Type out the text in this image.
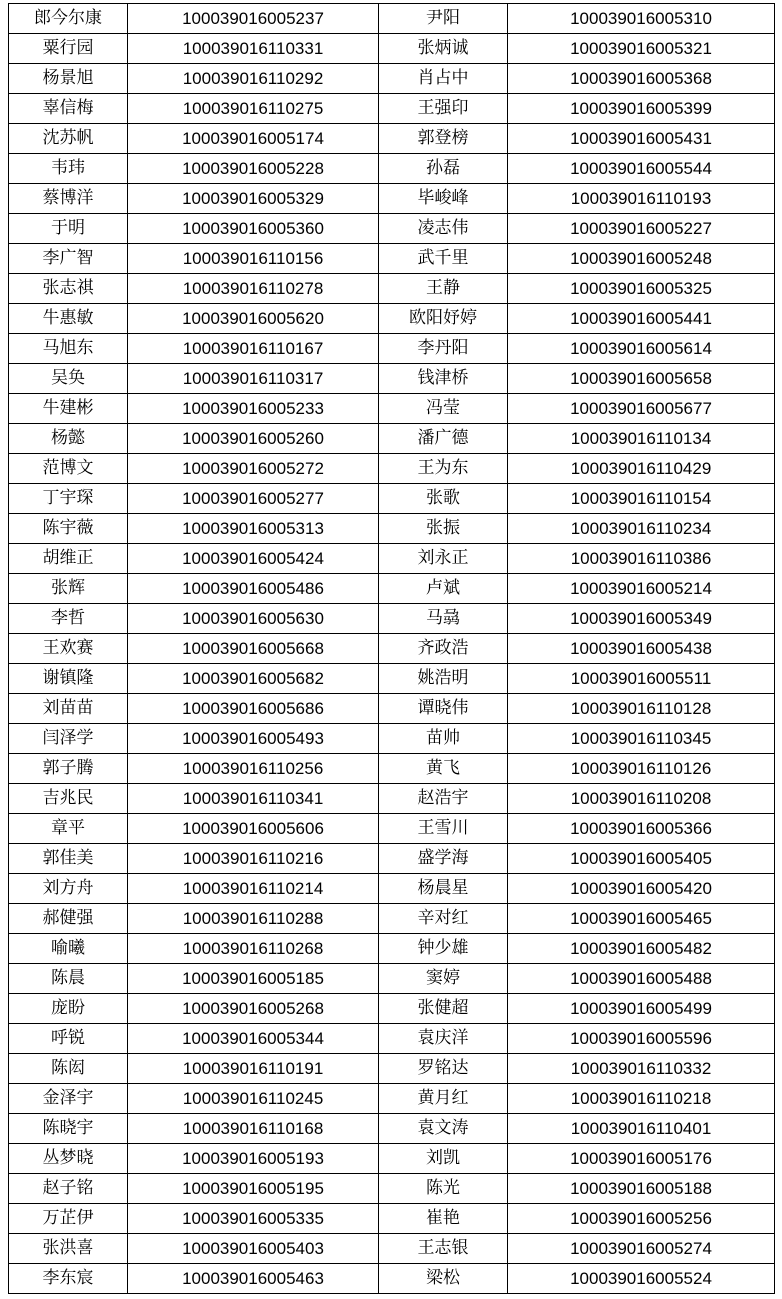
郎今尔康	100039016005237	尹阳	100039016005310
粟行园	100039016110331	张炳诚	100039016005321
杨景旭	100039016110292	肖占中	100039016005368
辜信梅	100039016110275	王强印	100039016005399
沈苏帆	100039016005174	郭登榜	100039016005431
韦玮	100039016005228	孙磊	100039016005544
蔡博洋	100039016005329	毕峻峰	100039016110193
于明	100039016005360	凌志伟	100039016005227
李广智	100039016110156	武千里	100039016005248
张志祺	100039016110278	王静	100039016005325
牛惠敏	100039016005620	欧阳妤婷	100039016005441
马旭东	100039016110167	李丹阳	100039016005614
吴奂	100039016110317	钱津桥	100039016005658
牛建彬	100039016005233	冯莹	100039016005677
杨懿	100039016005260	潘广德	100039016110134
范博文	100039016005272	王为东	100039016110429
丁宇琛	100039016005277	张歌	100039016110154
陈宇薇	100039016005313	张振	100039016110234
胡维正	100039016005424	刘永正	100039016110386
张辉	100039016005486	卢斌	100039016005214
李哲	100039016005630	马骉	100039016005349
王欢赛	100039016005668	齐政浩	100039016005438
谢镇隆	100039016005682	姚浩明	100039016005511
刘苗苗	100039016005686	谭晓伟	100039016110128
闫泽学	100039016005493	苗帅	100039016110345
郭子腾	100039016110256	黄飞	100039016110126
吉兆民	100039016110341	赵浩宇	100039016110208
章平	100039016005606	王雪川	100039016005366
郭佳美	100039016110216	盛学海	100039016005405
刘方舟	100039016110214	杨晨星	100039016005420
郝健强	100039016110288	辛对红	100039016005465
喻曦	100039016110268	钟少雄	100039016005482
陈晨	100039016005185	窦婷	100039016005488
庞盼	100039016005268	张健超	100039016005499
呼锐	100039016005344	袁庆洋	100039016005596
陈闳	100039016110191	罗铭达	100039016110332
金泽宇	100039016110245	黄月红	100039016110218
陈晓宇	100039016110168	袁文涛	100039016110401
丛梦晓	100039016005193	刘凯	100039016005176
赵子铭	100039016005195	陈光	100039016005188
万芷伊	100039016005335	崔艳	100039016005256
张洪喜	100039016005403	王志银	100039016005274
李东宸	100039016005463	梁松	100039016005524
